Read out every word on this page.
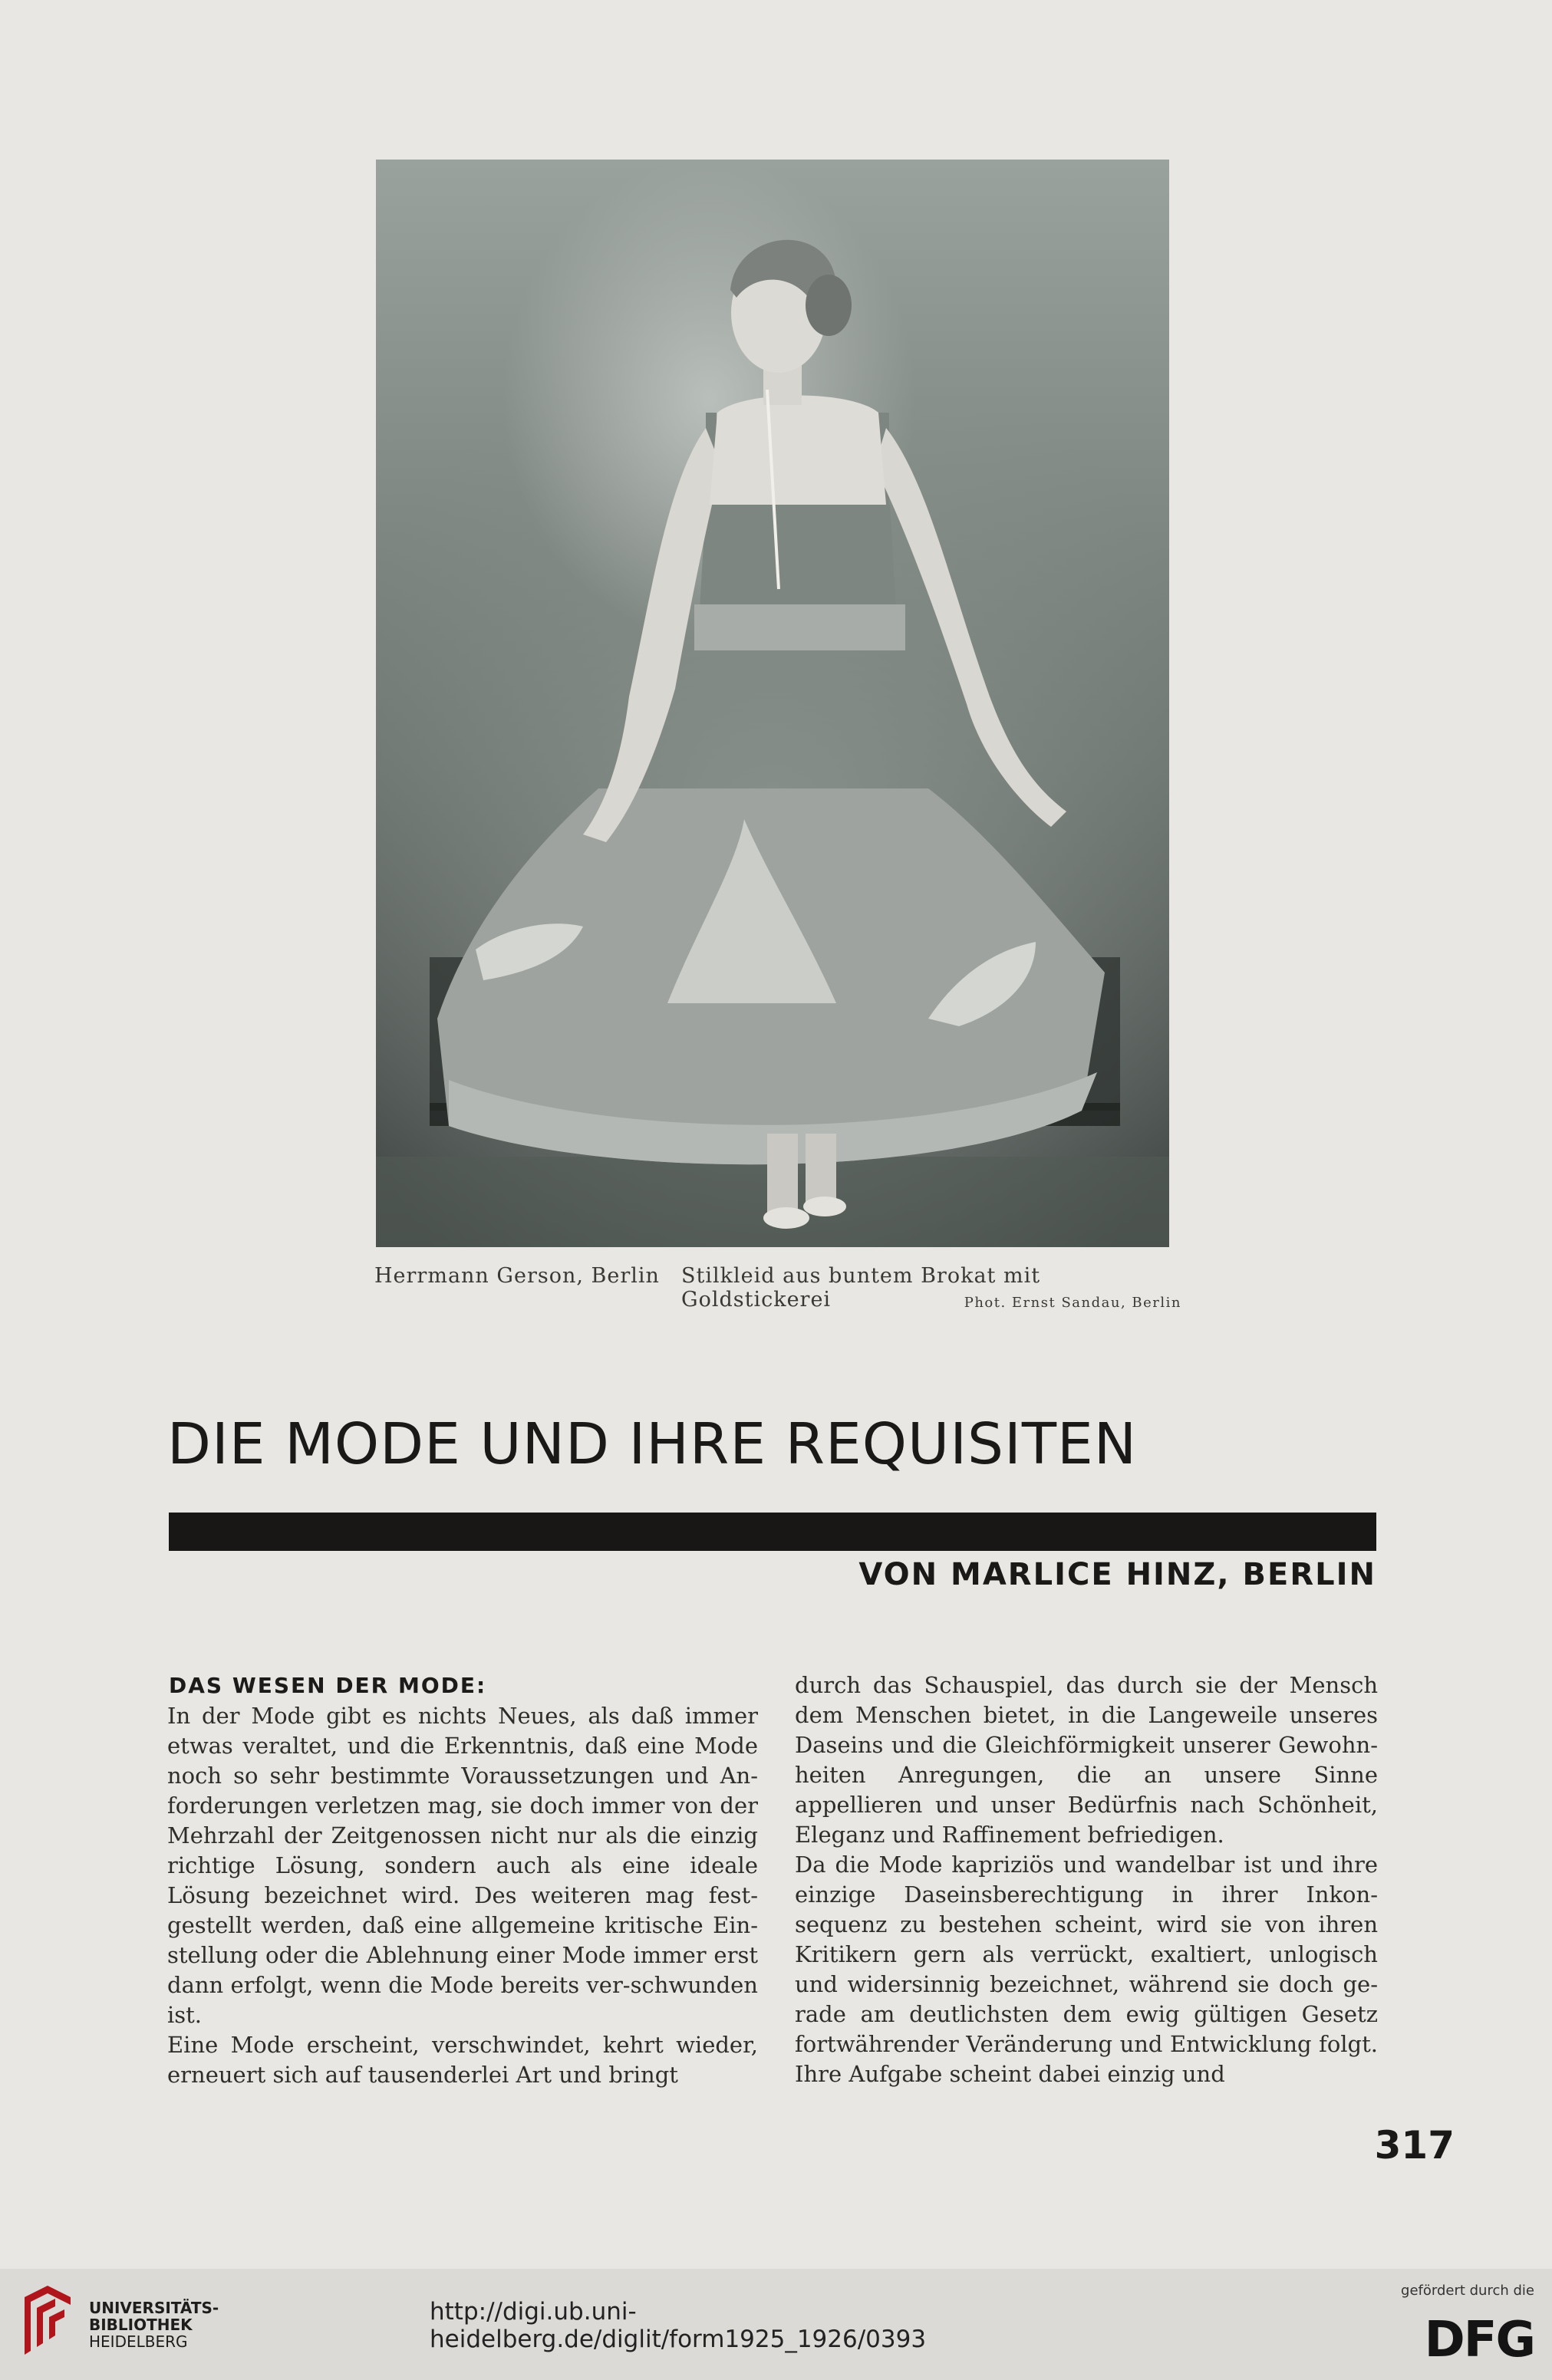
Herrmann Gerson, Berlin Stilkleid aus buntem Brokat mit Goldstickerei	Phot. Ernst Sandau, Berlin
DIE MODE UND IHRE REQUISITEN
VON MARLICE HINZ, BERLIN
DAS WESEN DER MODE:

In der Mode gibt es nichts Neues, als daß immer etwas veraltet, und die Erkenntnis, daß eine Mode noch so sehr bestimmte Voraussetzungen und An-forderungen verletzen mag, sie doch immer von der Mehrzahl der Zeitgenossen nicht nur als die einzig richtige Lösung, sondern auch als eine ideale Lösung bezeichnet wird. Des weiteren mag fest-gestellt werden, daß eine allgemeine kritische Ein-stellung oder die Ablehnung einer Mode immer erst dann erfolgt, wenn die Mode bereits ver-schwunden ist.

Eine Mode erscheint, verschwindet, kehrt wieder, erneuert sich auf tausenderlei Art und bringt

durch das Schauspiel, das durch sie der Mensch dem Menschen bietet, in die Langeweile unseres Daseins und die Gleichförmigkeit unserer Gewohn-heiten Anregungen, die an unsere Sinne appellieren und unser Bedürfnis nach Schönheit, Eleganz und Raffinement befriedigen.

Da die Mode kapriziös und wandelbar ist und ihre einzige Daseinsberechtigung in ihrer Inkon-sequenz zu bestehen scheint, wird sie von ihren Kritikern gern als verrückt, exaltiert, unlogisch und widersinnig bezeichnet, während sie doch ge-rade am deutlichsten dem ewig gültigen Gesetz fortwährender Veränderung und Entwicklung folgt. Ihre Aufgabe scheint dabei einzig und

317
UNIVERSITÄTS-
BIBLIOTHEK
HEIDELBERG
http://digi.ub.uni-heidelberg.de/diglit/form1925_1926/0393
gefördert durch die
DFG
